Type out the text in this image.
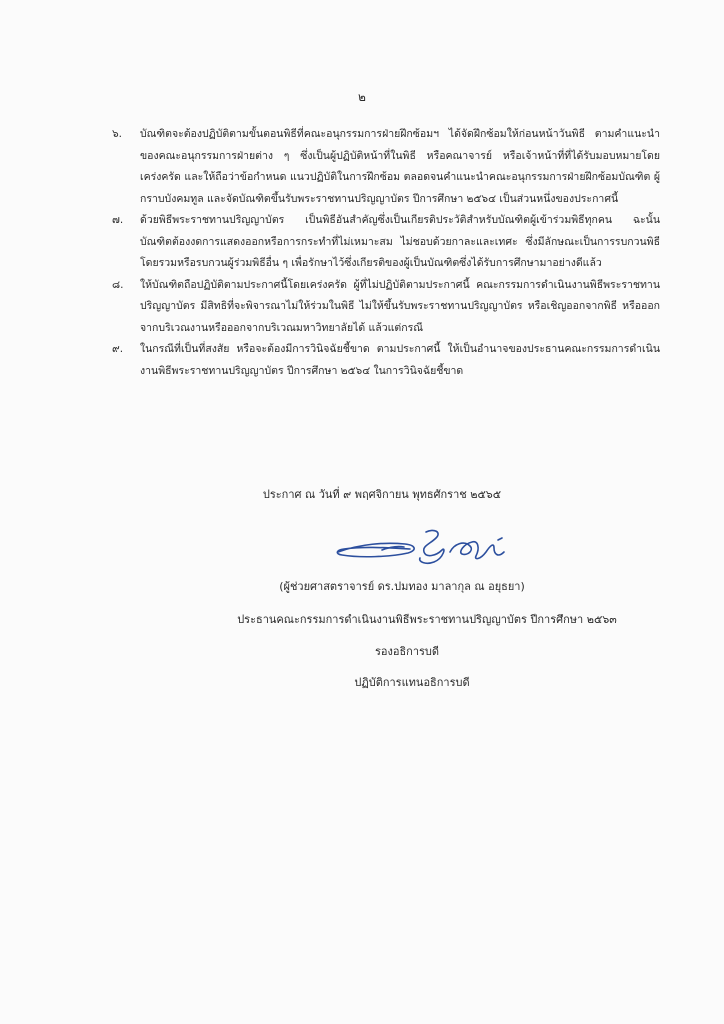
๒
๖.	บัณฑิตจะต้องปฏิบัติตามขั้นตอนพิธีที่คณะอนุกรรมการฝ่ายฝึกซ้อมฯ ได้จัดฝึกซ้อมให้ก่อนหน้าวันพิธี ตามคำแนะนำของคณะอนุกรรมการฝ่ายต่าง ๆ ซึ่งเป็นผู้ปฏิบัติหน้าที่ในพิธี หรือคณาจารย์ หรือเจ้าหน้าที่ที่ได้รับมอบหมายโดยเคร่งครัด และให้ถือว่าข้อกำหนด แนวปฏิบัติในการฝึกซ้อม ตลอดจนคำแนะนำคณะอนุกรรมการฝ่ายฝึกซ้อมบัณฑิต ผู้กราบบังคมทูล และจัดบัณฑิตขึ้นรับพระราชทานปริญญาบัตร ปีการศึกษา ๒๕๖๔ เป็นส่วนหนึ่งของประกาศนี้
๗.	ด้วยพิธีพระราชทานปริญญาบัตร เป็นพิธีอันสำคัญซึ่งเป็นเกียรติประวัติสำหรับบัณฑิตผู้เข้าร่วมพิธีทุกคน ฉะนั้น บัณฑิตต้องงดการแสดงออกหรือการกระทำที่ไม่เหมาะสม ไม่ชอบด้วยกาละและเทศะ ซึ่งมีลักษณะเป็นการรบกวนพิธีโดยรวมหรือรบกวนผู้ร่วมพิธีอื่น ๆ เพื่อรักษาไว้ซึ่งเกียรติของผู้เป็นบัณฑิตซึ่งได้รับการศึกษามาอย่างดีแล้ว
๘.	ให้บัณฑิตถือปฏิบัติตามประกาศนี้โดยเคร่งครัด ผู้ที่ไม่ปฏิบัติตามประกาศนี้ คณะกรรมการดำเนินงานพิธีพระราชทานปริญญาบัตร มีสิทธิที่จะพิจารณาไม่ให้ร่วมในพิธี ไม่ให้ขึ้นรับพระราชทานปริญญาบัตร หรือเชิญออกจากพิธี หรือออกจากบริเวณงานหรือออกจากบริเวณมหาวิทยาลัยได้ แล้วแต่กรณี
๙.	ในกรณีที่เป็นที่สงสัย หรือจะต้องมีการวินิจฉัยชี้ขาด ตามประกาศนี้ ให้เป็นอำนาจของประธานคณะกรรมการดำเนินงานพิธีพระราชทานปริญญาบัตร ปีการศึกษา ๒๕๖๔ ในการวินิจฉัยชี้ขาด
ประกาศ ณ วันที่ ๙ พฤศจิกายน พุทธศักราช ๒๕๖๕
(ผู้ช่วยศาสตราจารย์ ดร.ปมทอง มาลากุล ณ อยุธยา)
ประธานคณะกรรมการดำเนินงานพิธีพระราชทานปริญญาบัตร ปีการศึกษา ๒๕๖๓
รองอธิการบดี
ปฏิบัติการแทนอธิการบดี
